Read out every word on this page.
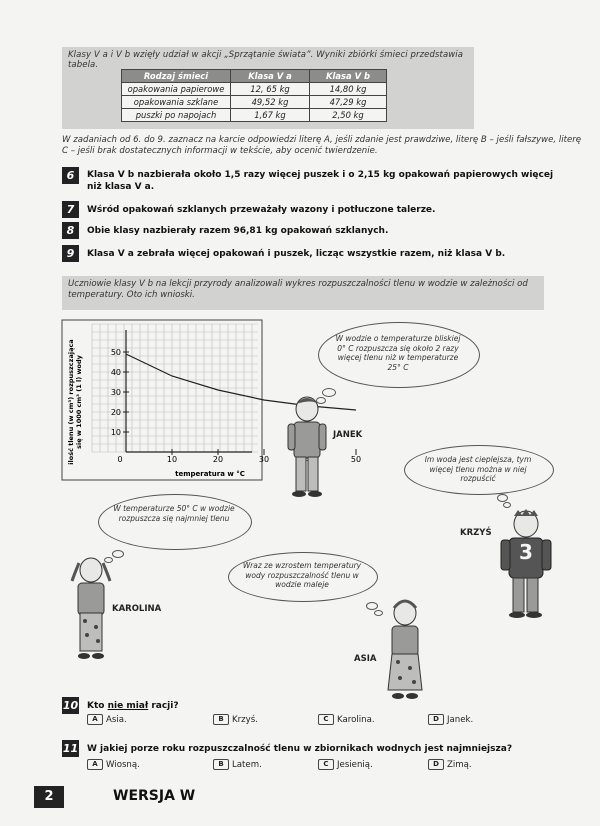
Klasy V a i V b wzięły udział w akcji „Sprzątanie świata”. Wyniki zbiórki śmieci przedstawia tabela.
Rodzaj śmieci	Klasa V a	Klasa V b
opakowania papierowe	12, 65 kg	14,80 kg
opakowania szklane	49,52 kg	47,29 kg
puszki po napojach	1,67 kg	2,50 kg
W zadaniach od 6. do 9. zaznacz na karcie odpowiedzi literę A, jeśli zdanie jest prawdziwe, literę B – jeśli fałszywe, literę C – jeśli brak dostatecznych informacji w tekście, aby ocenić twierdzenie.
6	Klasa V b nazbierała około 1,5 razy więcej puszek i o 2,15 kg opakowań papierowych więcej niż klasa V a.
7	Wśród opakowań szklanych przeważały wazony i potłuczone talerze.
8	Obie klasy nazbierały razem 96,81 kg opakowań szklanych.
9	Klasa V a zebrała więcej opakowań i puszek, licząc wszystkie razem, niż klasa V b.
Uczniowie klasy V b na lekcji przyrody analizowali wykres rozpuszczalności tlenu w wodzie w zależności od temperatury. Oto ich wnioski.
ilość tlenu (w cm³) rozpuszczająca się w 1000 cm³ (1 l) wody
50
40
30
20
10
0	10	20	30	50
temperatura w °C
W wodzie o temperaturze bliskiej 0° C rozpuszcza się około 2 razy więcej tlenu niż w temperaturze 25° C
JANEK
Im woda jest cieplejsza, tym więcej tlenu można w niej rozpuścić
3
KRZYŚ
W temperaturze 50° C w wodzie rozpuszcza się najmniej tlenu
KAROLINA
Wraz ze wzrostem temperatury wody rozpuszczalność tlenu w wodzie maleje
ASIA
10 Kto nie miał racji?
A Asia.	B Krzyś.	C Karolina.	D Janek.
11 W jakiej porze roku rozpuszczalność tlenu w zbiornikach wodnych jest najmniejsza?
A Wiosną.	B Latem.	C Jesienią.	D Zimą.
2	WERSJA W
